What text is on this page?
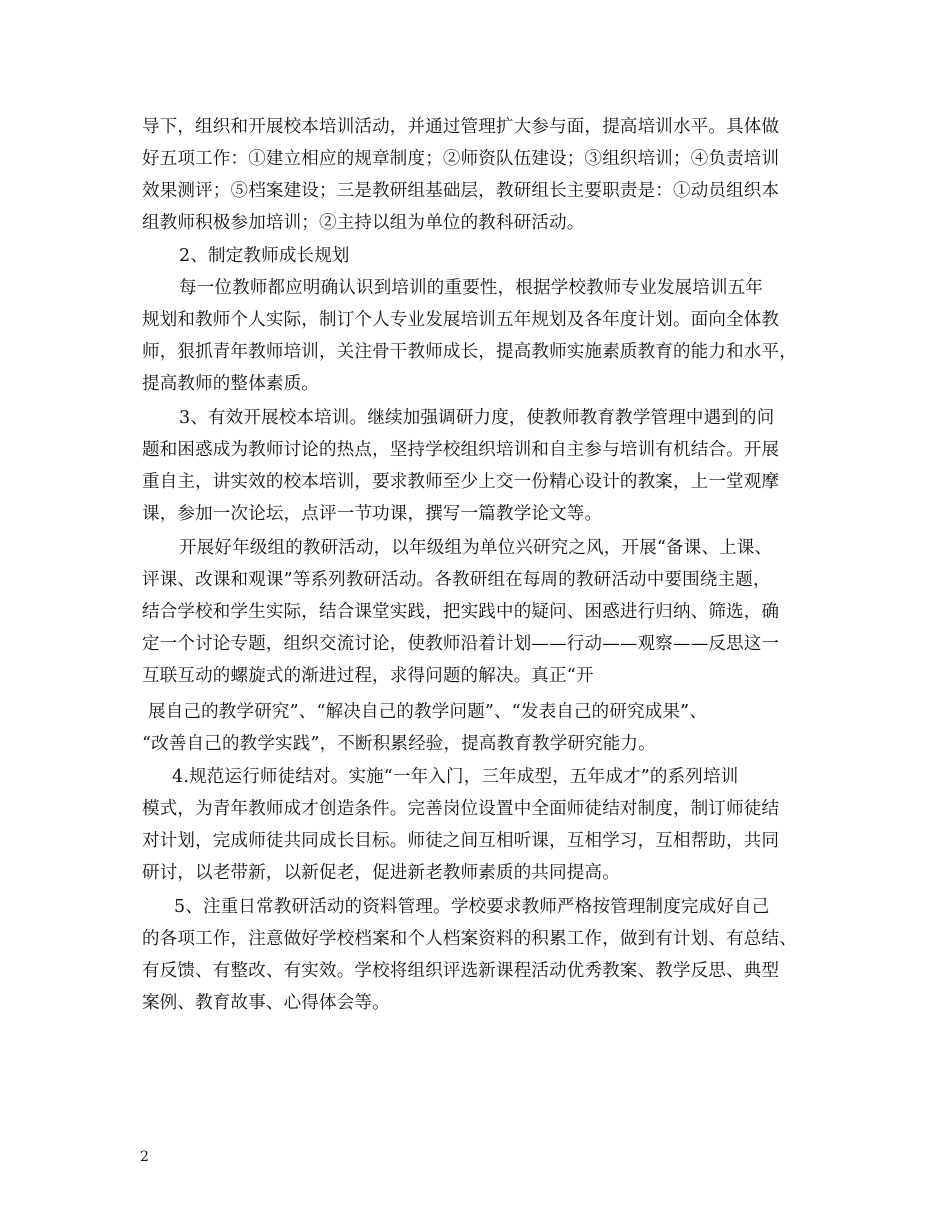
导下，组织和开展校本培训活动，并通过管理扩大参与面，提高培训水平。具体做
好五项工作：①建立相应的规章制度；②师资队伍建设；③组织培训；④负责培训
效果测评；⑤档案建设；三是教研组基础层，教研组长主要职责是：①动员组织本
组教师积极参加培训；②主持以组为单位的教科研活动。
2、制定教师成长规划
每一位教师都应明确认识到培训的重要性，根据学校教师专业发展培训五年
规划和教师个人实际，制订个人专业发展培训五年规划及各年度计划。面向全体教
师，狠抓青年教师培训，关注骨干教师成长，提高教师实施素质教育的能力和水平，
提高教师的整体素质。
3、有效开展校本培训。继续加强调研力度，使教师教育教学管理中遇到的问
题和困惑成为教师讨论的热点，坚持学校组织培训和自主参与培训有机结合。开展
重自主，讲实效的校本培训，要求教师至少上交一份精心设计的教案，上一堂观摩
课，参加一次论坛，点评一节功课，撰写一篇教学论文等。
开展好年级组的教研活动，以年级组为单位兴研究之风，开展“备课、上课、
评课、改课和观课”等系列教研活动。各教研组在每周的教研活动中要围绕主题，
结合学校和学生实际，结合课堂实践，把实践中的疑问、困惑进行归纳、筛选，确
定一个讨论专题，组织交流讨论，使教师沿着计划——行动——观察——反思这一
互联互动的螺旋式的渐进过程，求得问题的解决。真正“开
展自己的教学研究”、“解决自己的教学问题”、“发表自己的研究成果”、
“改善自己的教学实践”，不断积累经验，提高教育教学研究能力。
4.规范运行师徒结对。实施“一年入门，三年成型，五年成才”的系列培训
模式，为青年教师成才创造条件。完善岗位设置中全面师徒结对制度，制订师徒结
对计划，完成师徒共同成长目标。师徒之间互相听课，互相学习，互相帮助，共同
研讨，以老带新，以新促老，促进新老教师素质的共同提高。
5、注重日常教研活动的资料管理。学校要求教师严格按管理制度完成好自己
的各项工作，注意做好学校档案和个人档案资料的积累工作，做到有计划、有总结、
有反馈、有整改、有实效。学校将组织评选新课程活动优秀教案、教学反思、典型
案例、教育故事、心得体会等。
2
